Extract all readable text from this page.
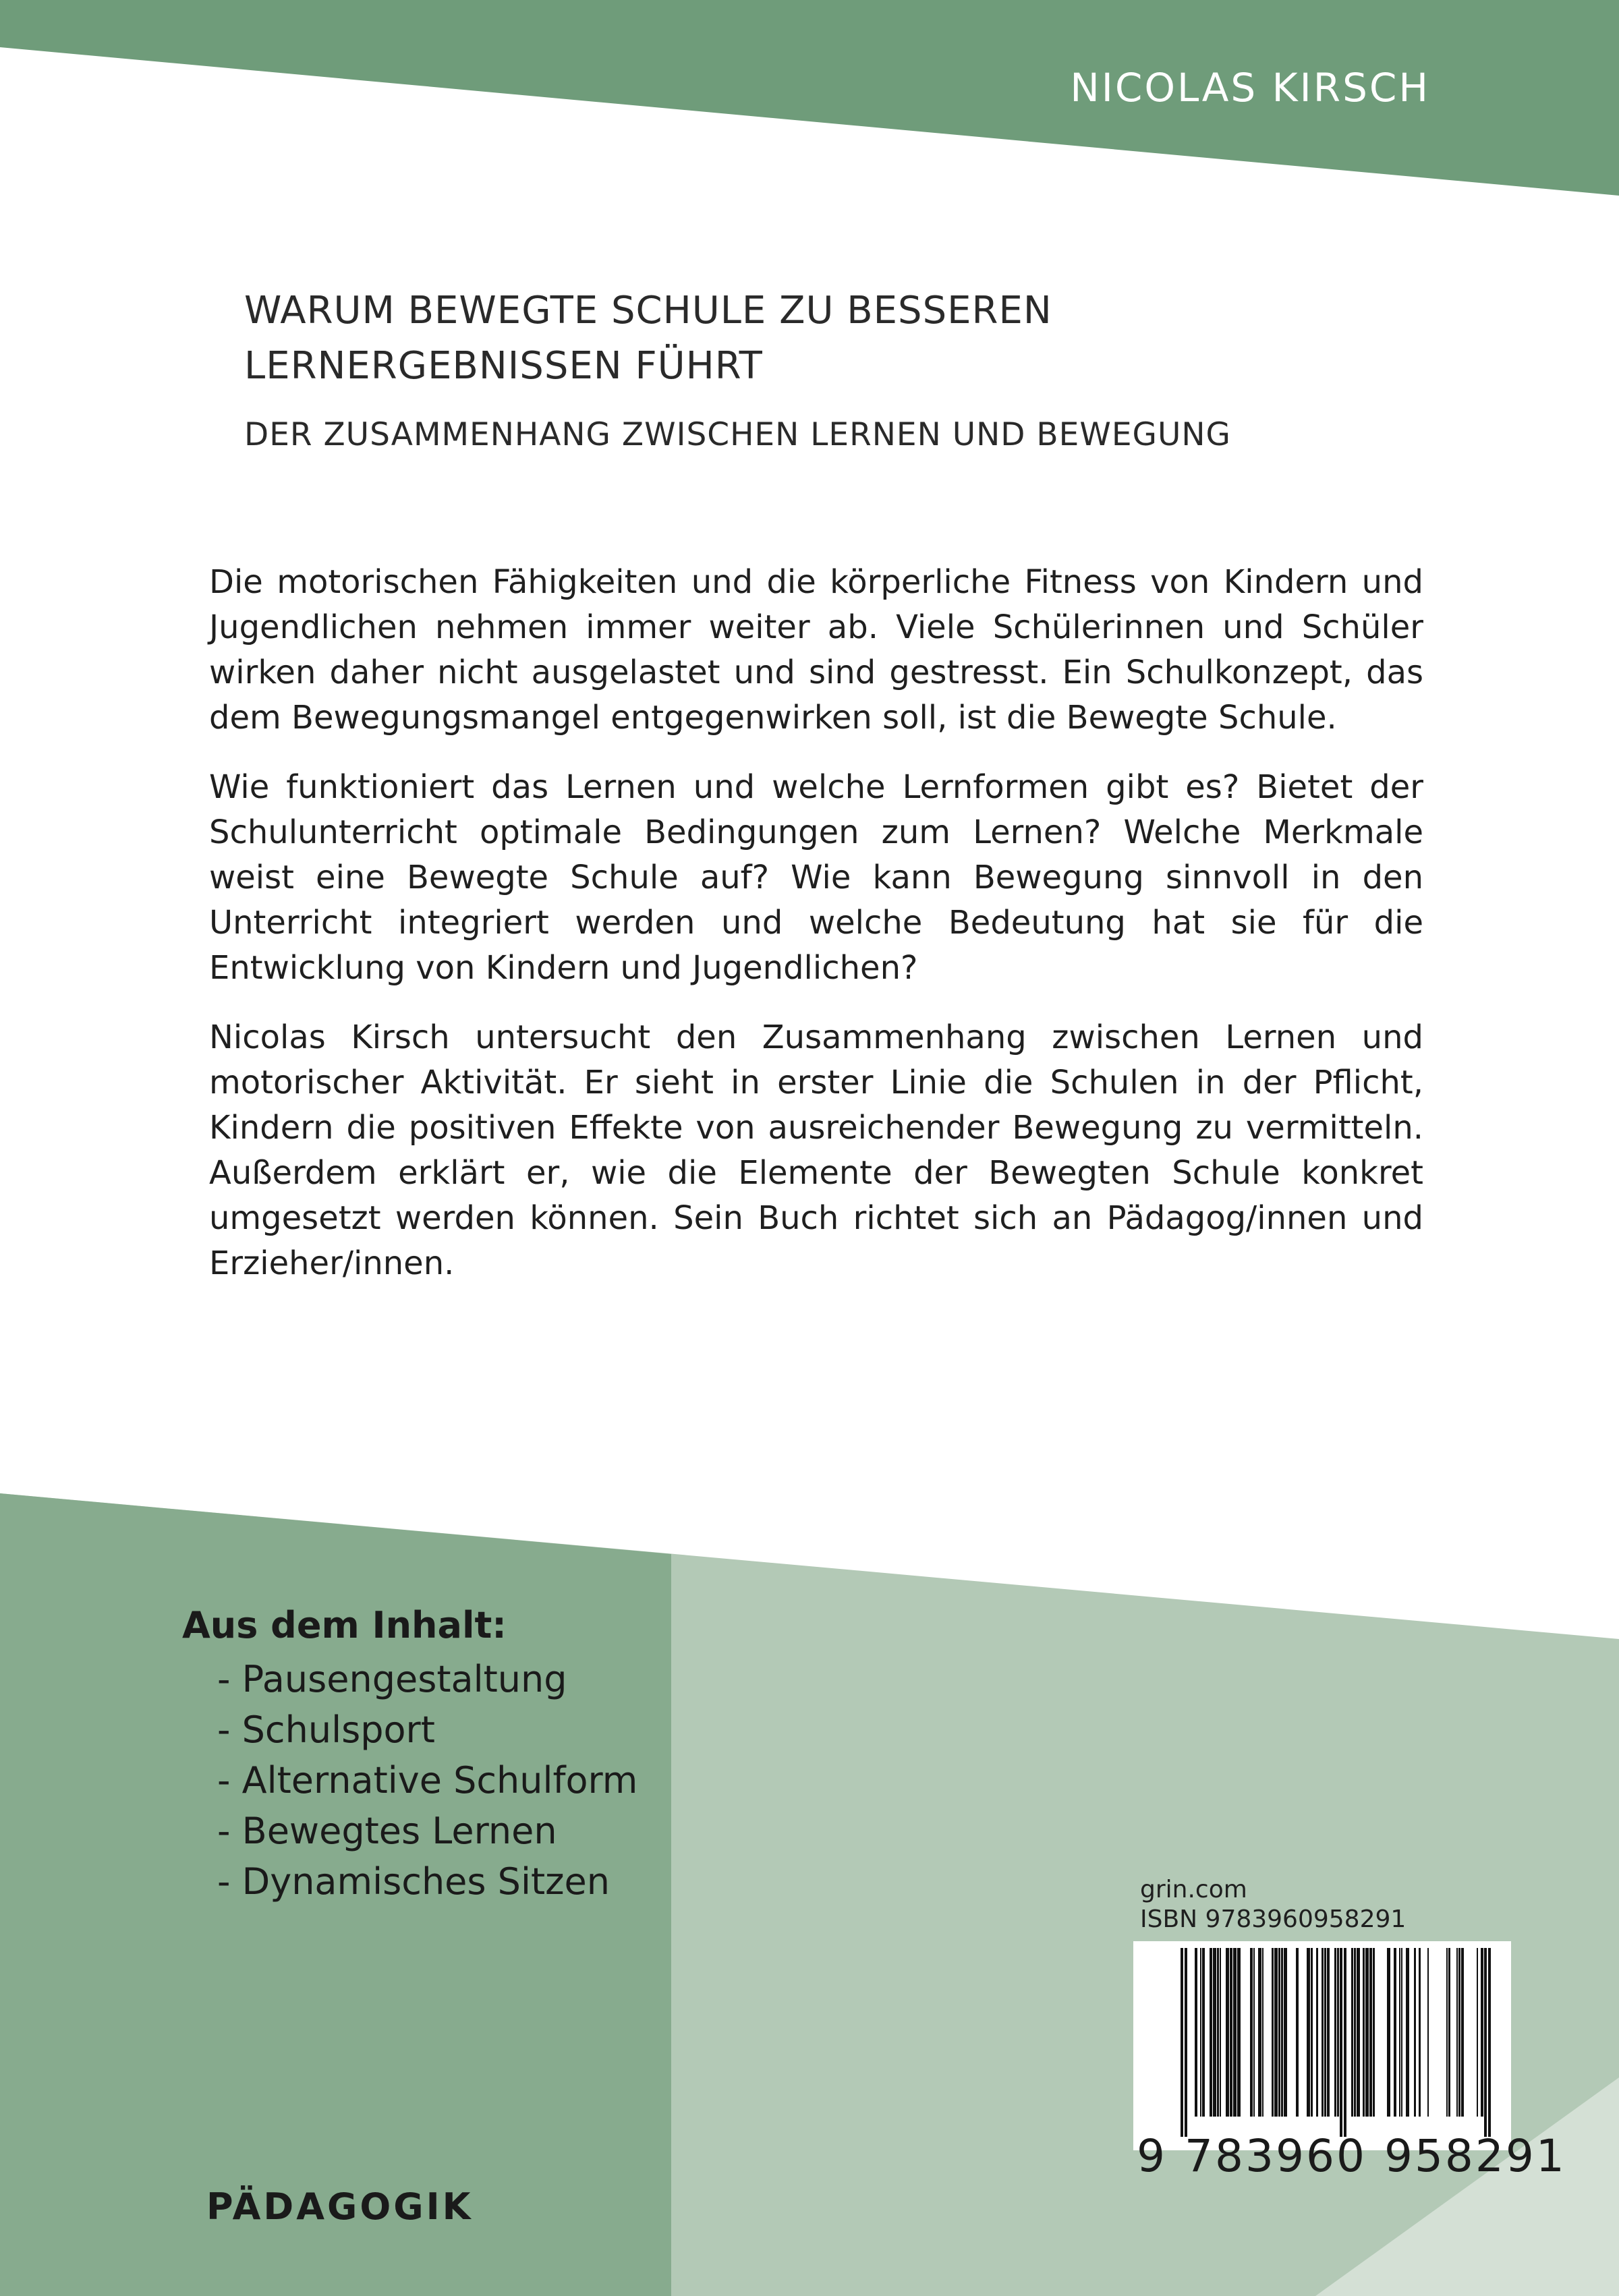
NICOLAS KIRSCH
WARUM BEWEGTE SCHULE ZU BESSEREN LERNERGEBNISSEN FÜHRT
DER ZUSAMMENHANG ZWISCHEN LERNEN UND BEWEGUNG

Die motorischen Fähigkeiten und die körperliche Fitness von Kindern und Jugendlichen nehmen immer weiter ab. Viele Schülerinnen und Schüler wirken daher nicht ausgelastet und sind gestresst. Ein Schulkonzept, das dem Bewegungsmangel entgegenwirken soll, ist die Bewegte Schule.

Wie funktioniert das Lernen und welche Lernformen gibt es? Bietet der Schulunterricht optimale Bedingungen zum Lernen? Welche Merkmale weist eine Bewegte Schule auf? Wie kann Bewegung sinnvoll in den Unterricht integriert werden und welche Bedeutung hat sie für die Entwicklung von Kindern und Jugendlichen?

Nicolas Kirsch untersucht den Zusammenhang zwischen Lernen und motorischer Aktivität. Er sieht in erster Linie die Schulen in der Pflicht, Kindern die positiven Effekte von ausreichender Bewegung zu vermitteln. Außerdem erklärt er, wie die Elemente der Bewegten Schule konkret umgesetzt werden können. Sein Buch richtet sich an Pädagog/innen und Erzieher/innen.

Aus dem Inhalt:
- Pausengestaltung
- Schulsport
- Alternative Schulform
- Bewegtes Lernen
- Dynamisches Sitzen
PÄDAGOGIK
grin.com
ISBN 9783960958291
9 783960 958291
